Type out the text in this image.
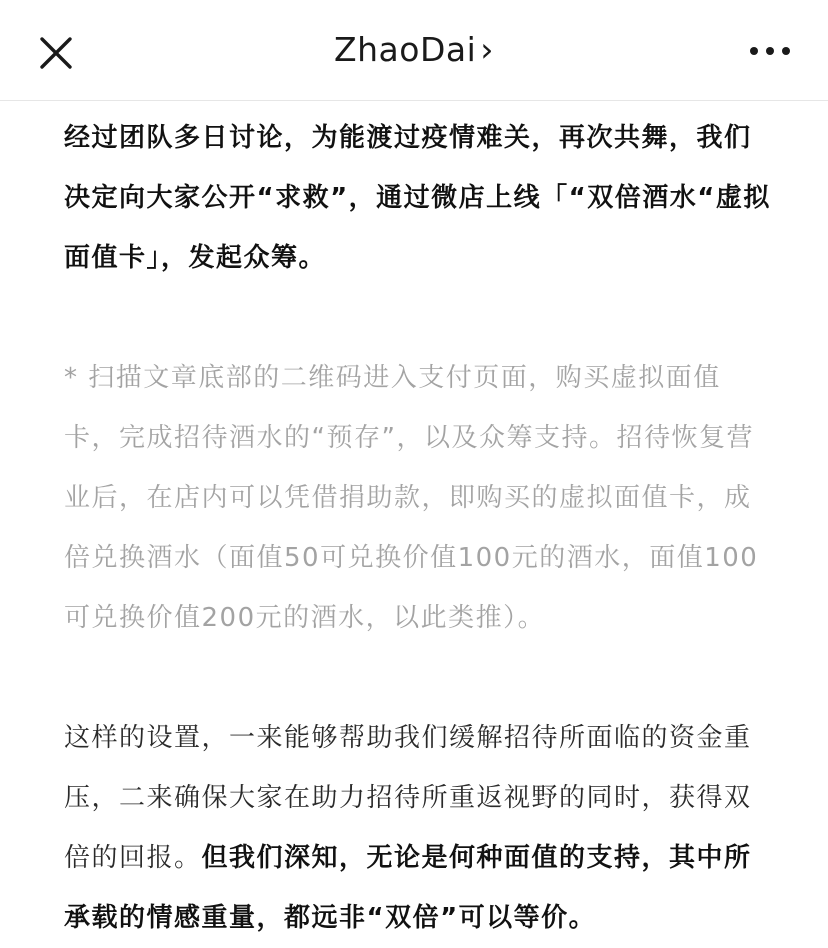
ZhaoDai ›

经过团队多日讨论，为能渡过疫情难关，再次共舞，我们决定向大家公开“求救”，通过微店上线「“双倍酒水“虚拟面值卡」，发起众筹。

* 扫描文章底部的二维码进入支付页面，购买虚拟面值卡，完成招待酒水的“预存”，以及众筹支持。招待恢复营业后，在店内可以凭借捐助款，即购买的虚拟面值卡，成倍兑换酒水（面值50可兑换价值100元的酒水，面值100可兑换价值200元的酒水，以此类推）。

这样的设置，一来能够帮助我们缓解招待所面临的资金重压，二来确保大家在助力招待所重返视野的同时，获得双倍的回报。但我们深知，无论是何种面值的支持，其中所承载的情感重量，都远非“双倍”可以等价。
